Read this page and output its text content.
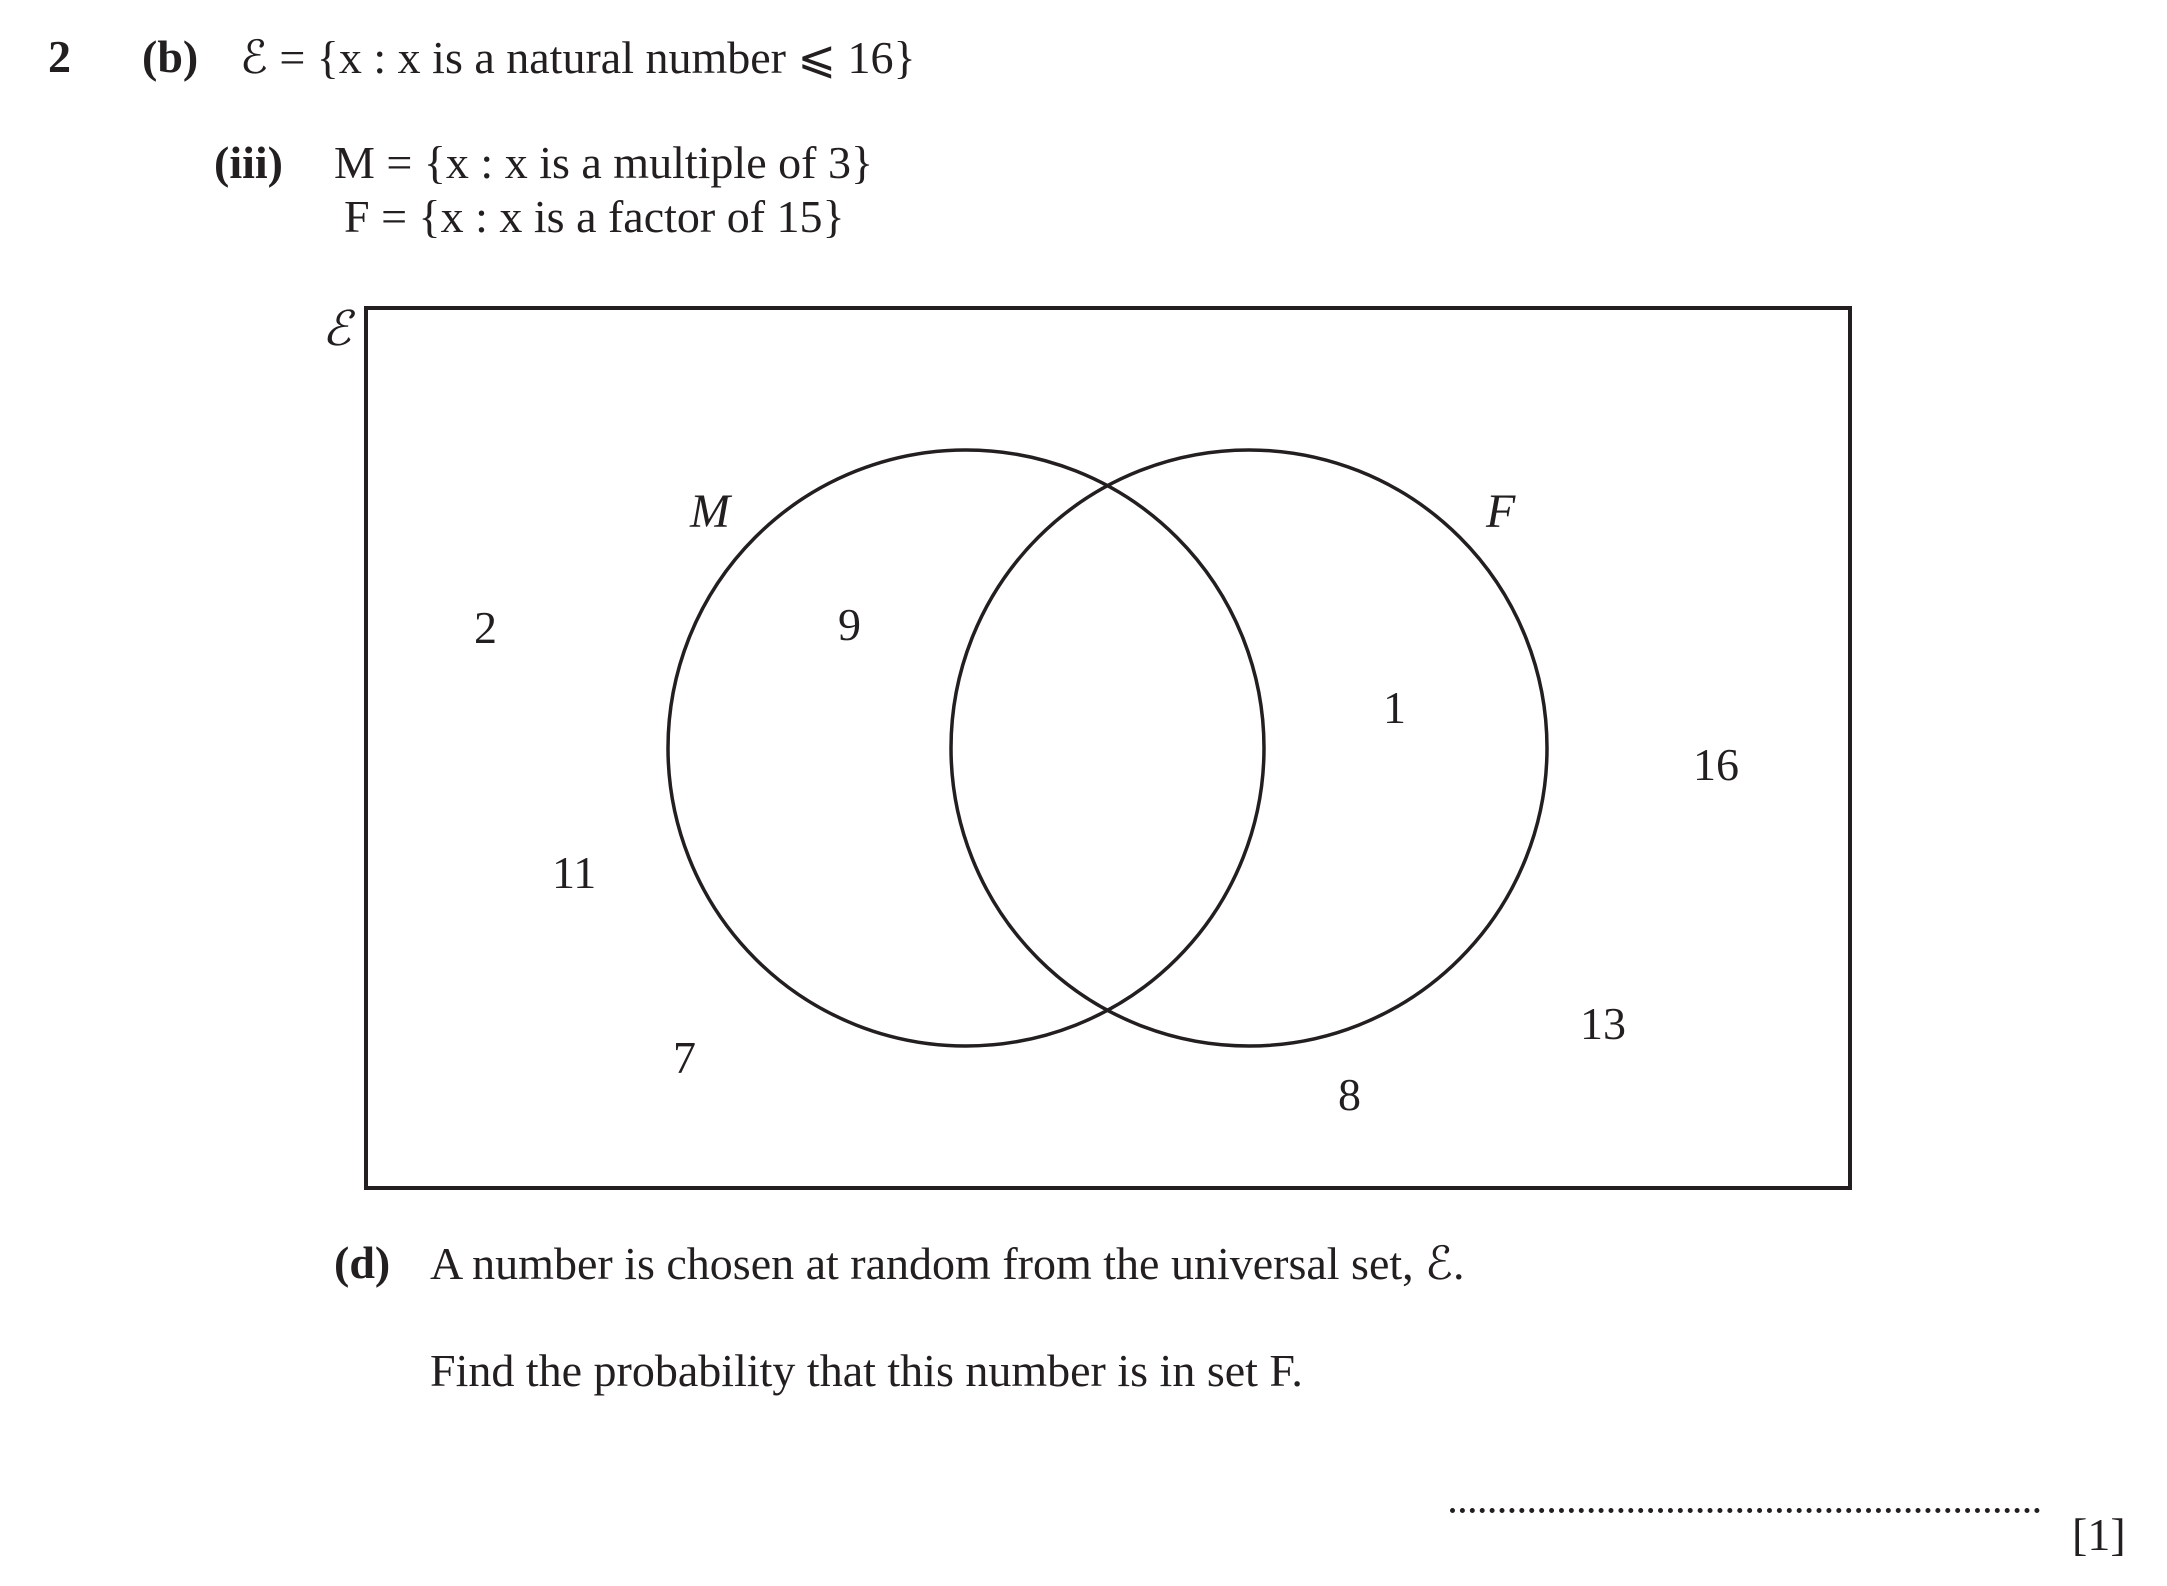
2 (b) ℰ = {x : x is a natural number ⩽ 16}
(iii) M = {x : x is a multiple of 3}
F = {x : x is a factor of 15}
ℰ
M	F
2	9
1
16
11
13
7
8
(d) A number is chosen at random from the universal set, ℰ.
Find the probability that this number is in set F.
[1]
